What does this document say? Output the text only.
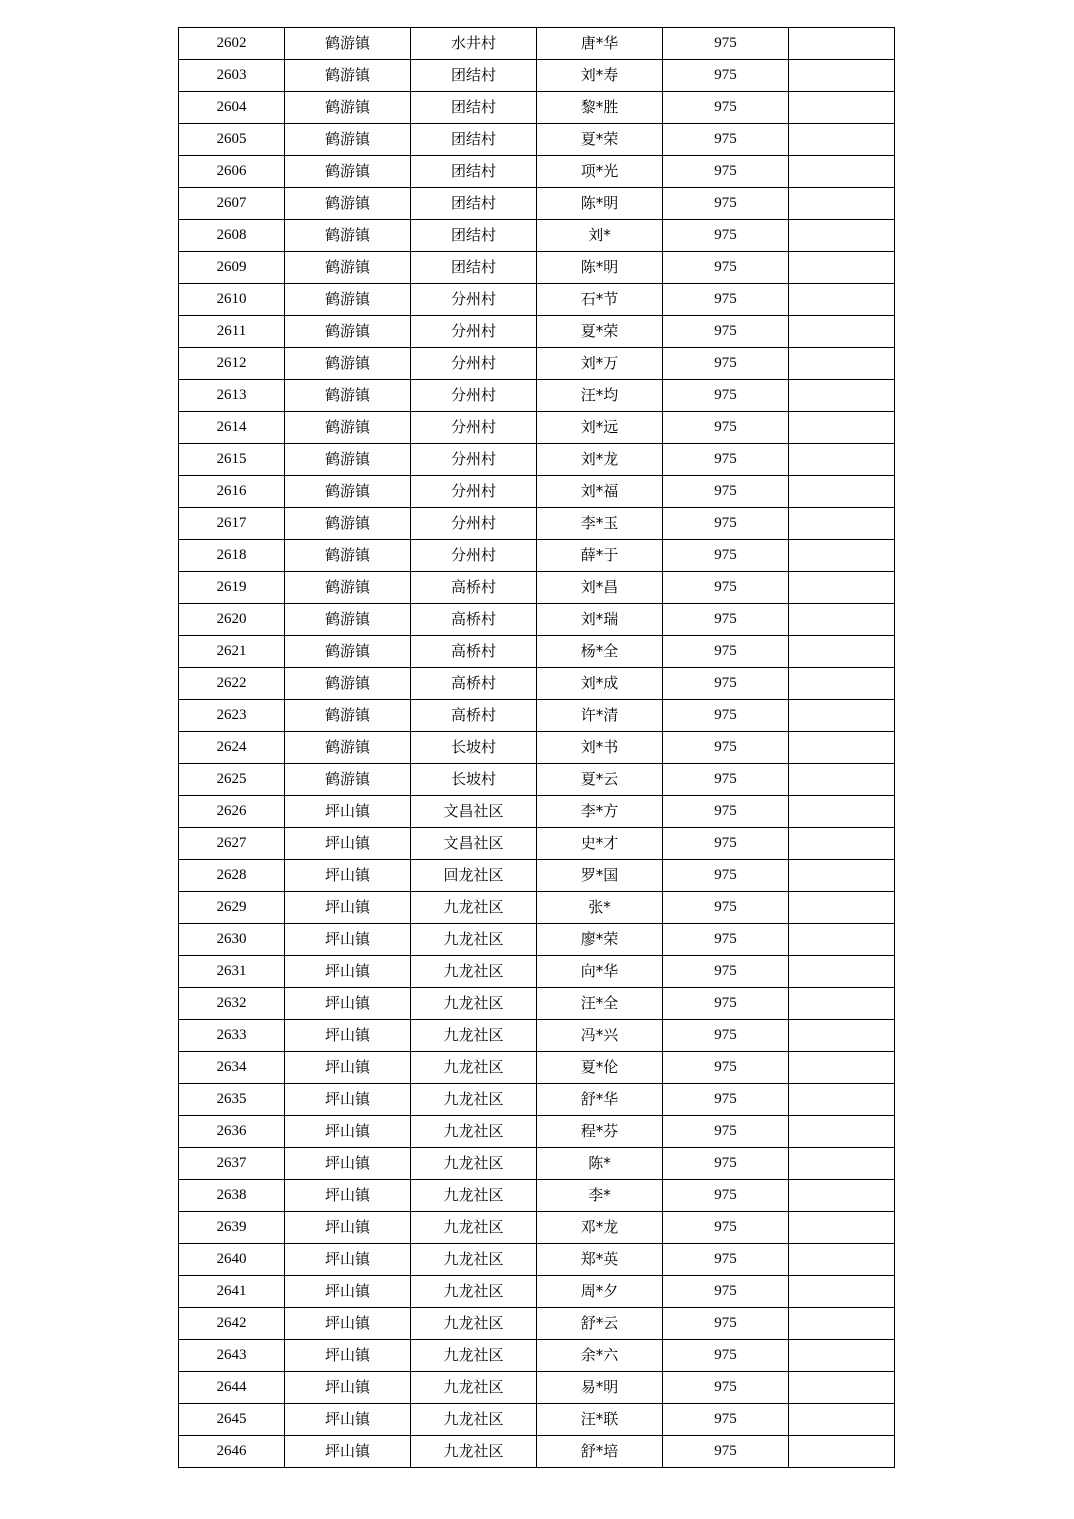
2602	鹤游镇	水井村	唐*华	975	
2603	鹤游镇	团结村	刘*寿	975	
2604	鹤游镇	团结村	黎*胜	975	
2605	鹤游镇	团结村	夏*荣	975	
2606	鹤游镇	团结村	项*光	975	
2607	鹤游镇	团结村	陈*明	975	
2608	鹤游镇	团结村	刘*	975	
2609	鹤游镇	团结村	陈*明	975	
2610	鹤游镇	分州村	石*节	975	
2611	鹤游镇	分州村	夏*荣	975	
2612	鹤游镇	分州村	刘*万	975	
2613	鹤游镇	分州村	汪*均	975	
2614	鹤游镇	分州村	刘*远	975	
2615	鹤游镇	分州村	刘*龙	975	
2616	鹤游镇	分州村	刘*福	975	
2617	鹤游镇	分州村	李*玉	975	
2618	鹤游镇	分州村	薛*于	975	
2619	鹤游镇	高桥村	刘*昌	975	
2620	鹤游镇	高桥村	刘*瑞	975	
2621	鹤游镇	高桥村	杨*全	975	
2622	鹤游镇	高桥村	刘*成	975	
2623	鹤游镇	高桥村	许*清	975	
2624	鹤游镇	长坡村	刘*书	975	
2625	鹤游镇	长坡村	夏*云	975	
2626	坪山镇	文昌社区	李*方	975	
2627	坪山镇	文昌社区	史*才	975	
2628	坪山镇	回龙社区	罗*国	975	
2629	坪山镇	九龙社区	张*	975	
2630	坪山镇	九龙社区	廖*荣	975	
2631	坪山镇	九龙社区	向*华	975	
2632	坪山镇	九龙社区	汪*全	975	
2633	坪山镇	九龙社区	冯*兴	975	
2634	坪山镇	九龙社区	夏*伦	975	
2635	坪山镇	九龙社区	舒*华	975	
2636	坪山镇	九龙社区	程*芬	975	
2637	坪山镇	九龙社区	陈*	975	
2638	坪山镇	九龙社区	李*	975	
2639	坪山镇	九龙社区	邓*龙	975	
2640	坪山镇	九龙社区	郑*英	975	
2641	坪山镇	九龙社区	周*夕	975	
2642	坪山镇	九龙社区	舒*云	975	
2643	坪山镇	九龙社区	余*六	975	
2644	坪山镇	九龙社区	易*明	975	
2645	坪山镇	九龙社区	汪*联	975	
2646	坪山镇	九龙社区	舒*培	975	
